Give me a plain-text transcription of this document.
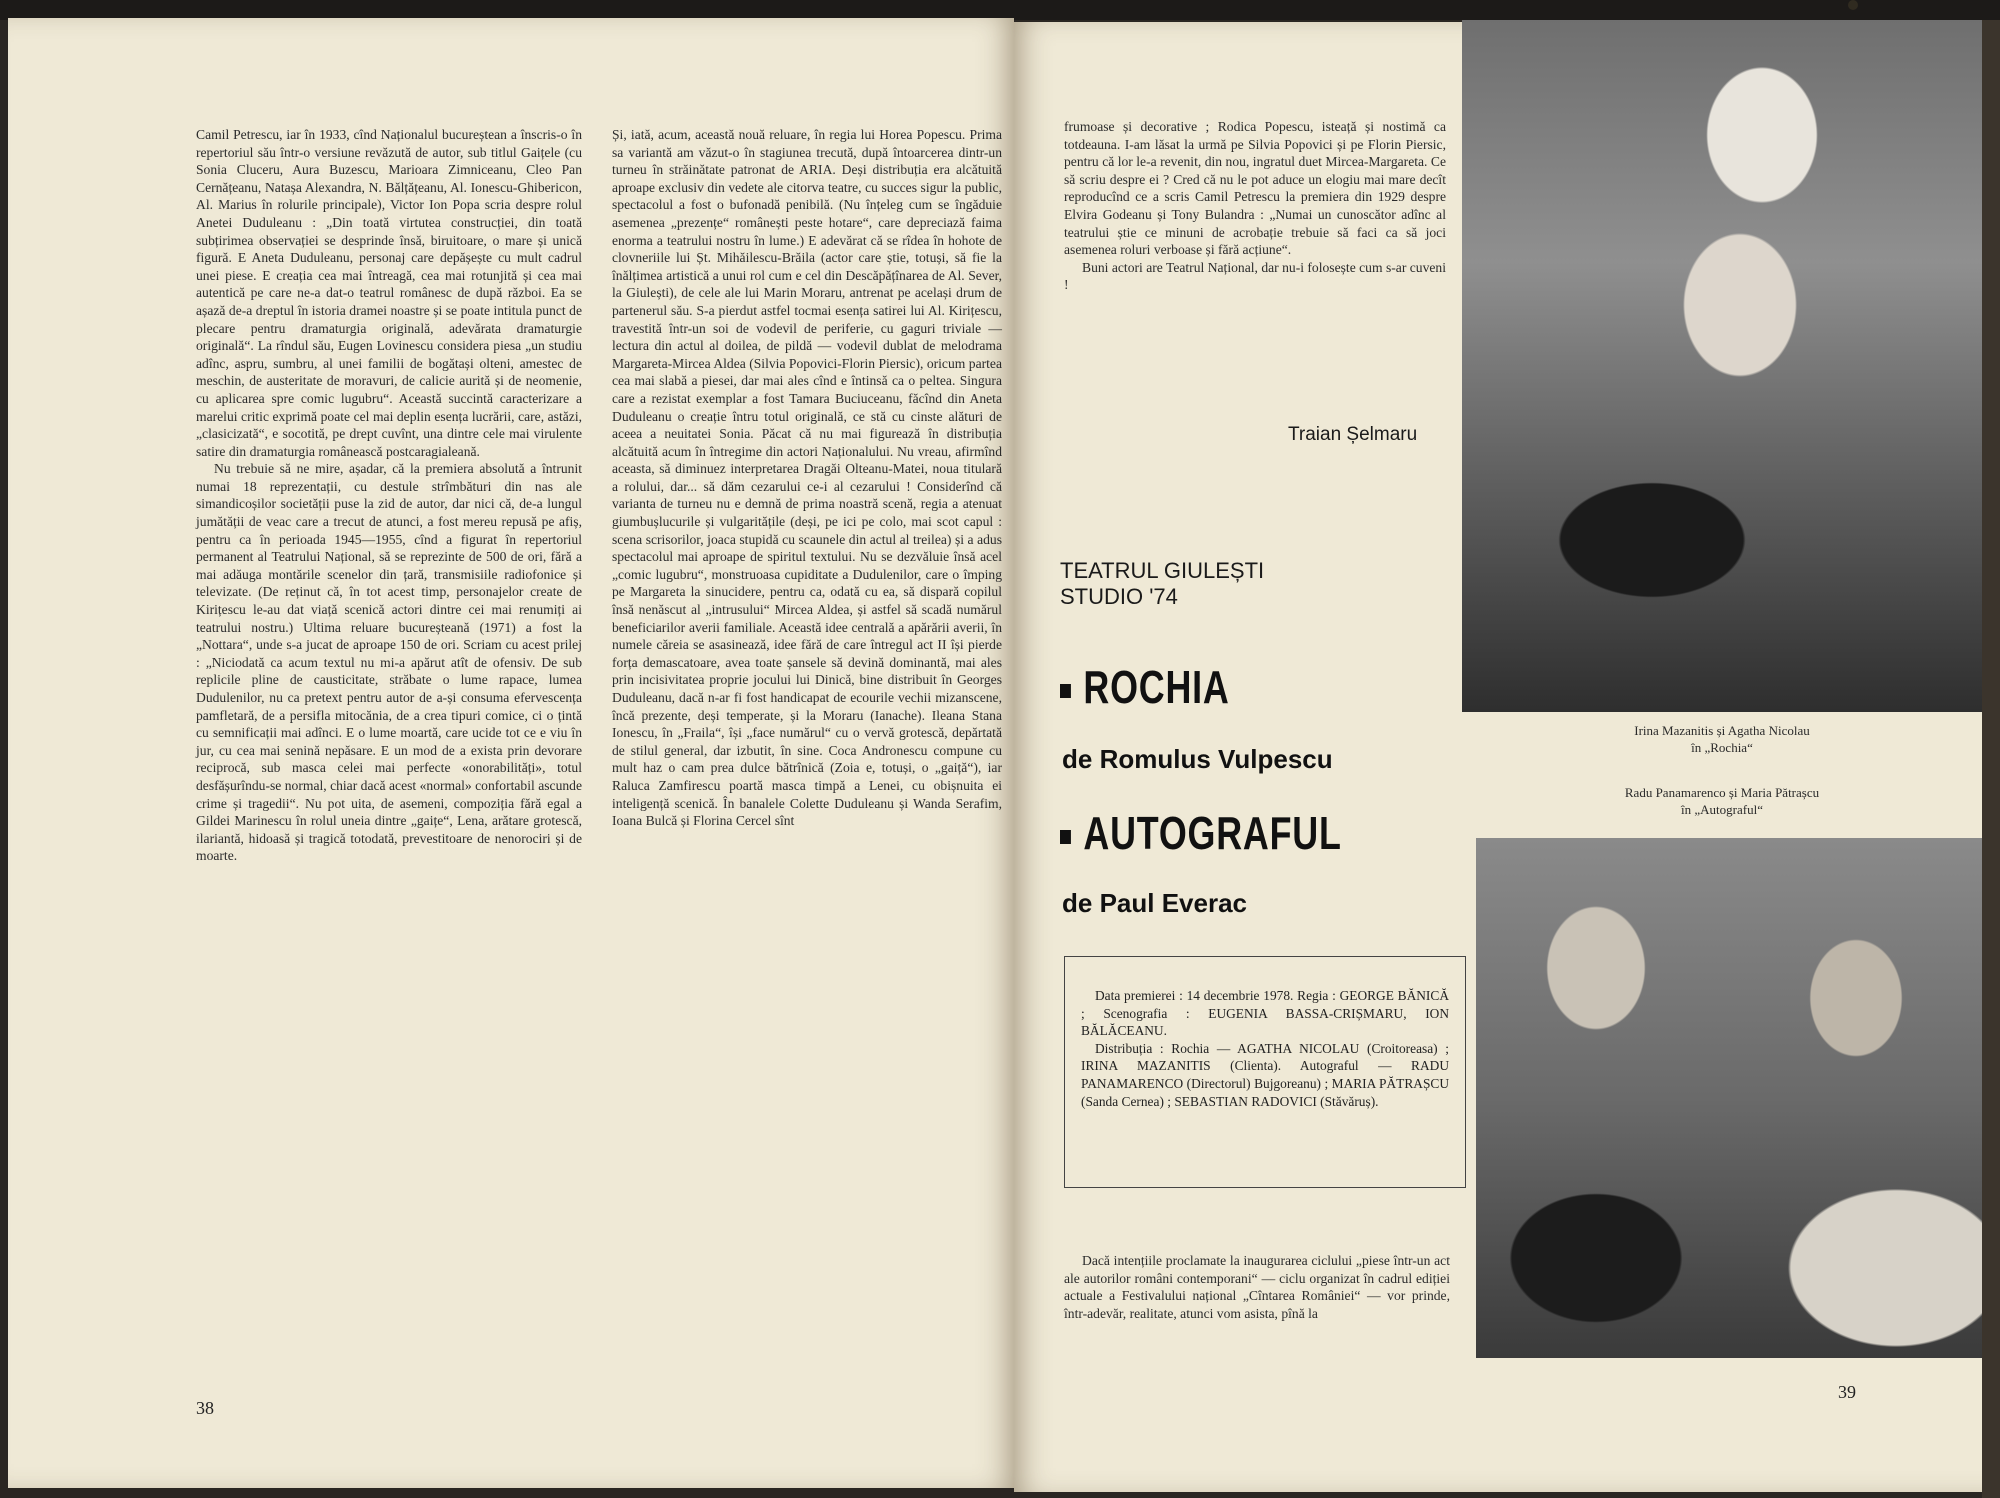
Camil Petrescu, iar în 1933, cînd Naționalul bucureștean a înscris-o în repertoriul său într-o versiune revăzută de autor, sub titlul Gaițele (cu Sonia Cluceru, Aura Buzescu, Marioara Zimniceanu, Cleo Pan Cernățeanu, Natașa Alexandra, N. Bălțățeanu, Al. Ionescu-Ghibericon, Al. Marius în rolurile principale), Victor Ion Popa scria despre rolul Anetei Duduleanu : „Din toată virtutea construcției, din toată subțirimea observației se desprinde însă, biruitoare, o mare și unică figură. E Aneta Duduleanu, personaj care depășește cu mult cadrul unei piese. E creația cea mai întreagă, cea mai rotunjită și cea mai autentică pe care ne-a dat-o teatrul românesc de după război. Ea se așază de-a dreptul în istoria dramei noastre și se poate intitula punct de plecare pentru dramaturgia originală, adevărata dramaturgie originală“. La rîndul său, Eugen Lovinescu considera piesa „un studiu adînc, aspru, sumbru, al unei familii de bogătași olteni, amestec de meschin, de austeritate de moravuri, de calicie aurită și de neomenie, cu aplicarea spre comic lugubru“. Această succintă caracterizare a marelui critic exprimă poate cel mai deplin esența lucrării, care, astăzi, „clasicizată“, e socotită, pe drept cuvînt, una dintre cele mai virulente satire din dramaturgia românească postcaragialeană.

Nu trebuie să ne mire, așadar, că la premiera absolută a întrunit numai 18 reprezentații, cu destule strîmbături din nas ale simandicoșilor societății puse la zid de autor, dar nici că, de-a lungul jumătății de veac care a trecut de atunci, a fost mereu repusă pe afiș, pentru ca în perioada 1945—1955, cînd a figurat în repertoriul permanent al Teatrului Național, să se reprezinte de 500 de ori, fără a mai adăuga montările scenelor din țară, transmisiile radiofonice și televizate. (De reținut că, în tot acest timp, personajelor create de Kirițescu le-au dat viață scenică actori dintre cei mai renumiți ai teatrului nostru.) Ultima reluare bucureșteană (1971) a fost la „Nottara“, unde s-a jucat de aproape 150 de ori. Scriam cu acest prilej : „Niciodată ca acum textul nu mi-a apărut atît de ofensiv. De sub replicile pline de causticitate, străbate o lume rapace, lumea Dudulenilor, nu ca pretext pentru autor de a-și consuma efervescența pamfletară, de a persifla mitocănia, de a crea tipuri comice, ci o țintă cu semnificații mai adînci. E o lume moartă, care ucide tot ce e viu în jur, cu cea mai senină nepăsare. E un mod de a exista prin devorare reciprocă, sub masca celei mai perfecte «onorabilități», totul desfășurîndu-se normal, chiar dacă acest «normal» confortabil ascunde crime și tragedii“. Nu pot uita, de asemeni, compoziția fără egal a Gildei Marinescu în rolul uneia dintre „gaițe“, Lena, arătare grotescă, ilariantă, hidoasă și tragică totodată, prevestitoare de nenorociri și de moarte.

Și, iată, acum, această nouă reluare, în regia lui Horea Popescu. Prima sa variantă am văzut-o în stagiunea trecută, după întoarcerea dintr-un turneu în străinătate patronat de ARIA. Deși distribuția era alcătuită aproape exclusiv din vedete ale citorva teatre, cu succes sigur la public, spectacolul a fost o bufonadă penibilă. (Nu înțeleg cum se îngăduie asemenea „prezențe“ românești peste hotare“, care depreciază faima enorma a teatrului nostru în lume.) E adevărat că se rîdea în hohote de clovneriile lui Șt. Mihăilescu-Brăila (actor care știe, totuși, să fie la înălțimea artistică a unui rol cum e cel din Descăpățînarea de Al. Sever, la Giulești), de cele ale lui Marin Moraru, antrenat pe același drum de partenerul său. S-a pierdut astfel tocmai esența satirei lui Al. Kirițescu, travestită într-un soi de vodevil de periferie, cu gaguri triviale — lectura din actul al doilea, de pildă — vodevil dublat de melodrama Margareta-Mircea Aldea (Silvia Popovici-Florin Piersic), oricum partea cea mai slabă a piesei, dar mai ales cînd e întinsă ca o peltea. Singura care a rezistat exemplar a fost Tamara Buciuceanu, făcînd din Aneta Duduleanu o creație întru totul originală, ce stă cu cinste alături de aceea a neuitatei Sonia. Păcat că nu mai figurează în distribuția alcătuită acum în întregime din actori Naționalului. Nu vreau, afirmînd aceasta, să diminuez interpretarea Dragăi Olteanu-Matei, noua titulară a rolului, dar... să dăm cezarului ce-i al cezarului ! Considerînd că varianta de turneu nu e demnă de prima noastră scenă, regia a atenuat giumbușlucurile și vulgaritățile (deși, pe ici pe colo, mai scot capul : scena scrisorilor, joaca stupidă cu scaunele din actul al treilea) și a adus spectacolul mai aproape de spiritul textului. Nu se dezvăluie însă acel „comic lugubru“, monstruoasa cupiditate a Dudulenilor, care o împing pe Margareta la sinucidere, pentru ca, odată cu ea, să dispară copilul însă nenăscut al „intrusului“ Mircea Aldea, și astfel să scadă numărul beneficiarilor averii familiale. Această idee centrală a apărării averii, în numele căreia se asasinează, idee fără de care întregul act II își pierde forța demascatoare, avea toate șansele să devină dominantă, mai ales prin incisivitatea proprie jocului lui Dinică, bine distribuit în Georges Duduleanu, dacă n-ar fi fost handicapat de ecourile vechii mizanscene, încă prezente, deși temperate, și la Moraru (Ianache). Ileana Stana Ionescu, în „Fraila“, își „face numărul“ cu o vervă grotescă, depărtată de stilul general, dar izbutit, în sine. Coca Andronescu compune cu mult haz o cam prea dulce bătrînică (Zoia e, totuși, o „gaiță“), iar Raluca Zamfirescu poartă masca timpă a Lenei, cu obișnuita ei inteligență scenică. În banalele Colette Duduleanu și Wanda Serafim, Ioana Bulcă și Florina Cercel sînt

38

frumoase și decorative ; Rodica Popescu, isteață și nostimă ca totdeauna. I-am lăsat la urmă pe Silvia Popovici și pe Florin Piersic, pentru că lor le-a revenit, din nou, ingratul duet Mircea-Margareta. Ce să scriu despre ei ? Cred că nu le pot aduce un elogiu mai mare decît reproducînd ce a scris Camil Petrescu la premiera din 1929 despre Elvira Godeanu și Tony Bulandra : „Numai un cunoscător adînc al teatrului știe ce minuni de acrobație trebuie să faci ca să joci asemenea roluri verboase și fără acțiune“.

Buni actori are Teatrul Național, dar nu-i folosește cum s-ar cuveni !

Traian Șelmaru
TEATRUL GIULEȘTI
STUDIO '74
ROCHIA
de Romulus Vulpescu
AUTOGRAFUL
de Paul Everac

Data premierei : 14 decembrie 1978. Regia : GEORGE BĂNICĂ ; Scenografia : EUGENIA BASSA-CRIȘMARU, ION BĂLĂCEANU.

Distribuția : Rochia — AGATHA NICOLAU (Croitoreasa) ; IRINA MAZANITIS (Clienta). Autograful — RADU PANAMARENCO (Directorul) Bujgoreanu) ; MARIA PĂTRAȘCU (Sanda Cernea) ; SEBASTIAN RADOVICI (Stăvăruș).

Dacă intențiile proclamate la inaugurarea ciclului „piese într-un act ale autorilor români contemporani“ — ciclu organizat în cadrul ediției actuale a Festivalului național „Cîntarea României“ — vor prinde, într-adevăr, realitate, atunci vom asista, pînă la

Irina Mazanitis și Agatha Nicolau
în „Rochia“
Radu Panamarenco și Maria Pătrașcu
în „Autograful“
39
